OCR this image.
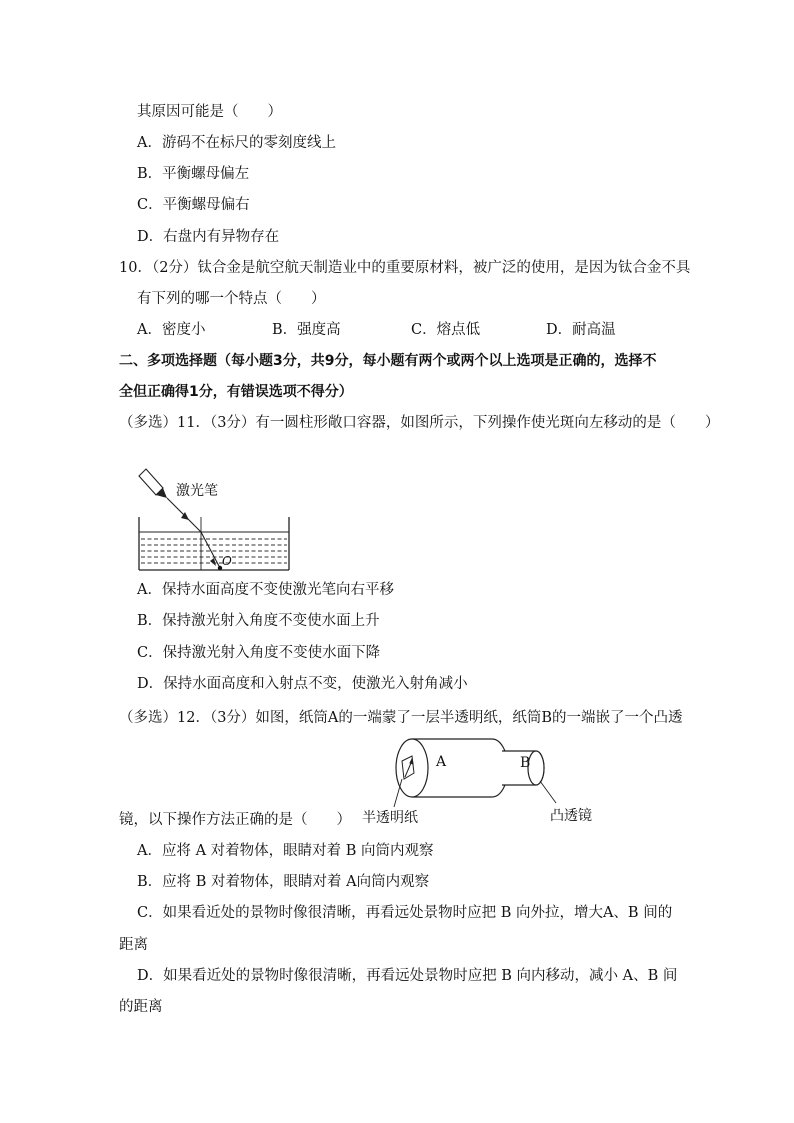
其原因可能是（　　）
A．游码不在标尺的零刻度线上
B．平衡螺母偏左
C．平衡螺母偏右
D．右盘内有异物存在
10．（2分）钛合金是航空航天制造业中的重要原材料，被广泛的使用，是因为钛合金不具
有下列的哪一个特点（　　）
A．密度小	B．强度高	C．熔点低	D．耐高温
二、多项选择题（每小题3分，共9分，每小题有两个或两个以上选项是正确的，选择不
全但正确得1分，有错误选项不得分）
（多选）11．（3分）有一圆柱形敞口容器，如图所示，下列操作使光斑向左移动的是（　　）
激光笔
O
A．保持水面高度不变使激光笔向右平移
B．保持激光射入角度不变使水面上升
C．保持激光射入角度不变使水面下降
D．保持水面高度和入射点不变，使激光入射角减小
（多选）12．（3分）如图，纸筒A的一端蒙了一层半透明纸，纸筒B的一端嵌了一个凸透
A	B
半透明纸	凸透镜
镜，以下操作方法正确的是（　　）
A．应将 A 对着物体，眼睛对着 B 向筒内观察
B．应将 B 对着物体，眼睛对着 A向筒内观察
C．如果看近处的景物时像很清晰，再看远处景物时应把 B 向外拉，增大A、B 间的
距离
D．如果看近处的景物时像很清晰，再看远处景物时应把 B 向内移动，减小 A、B 间
的距离
